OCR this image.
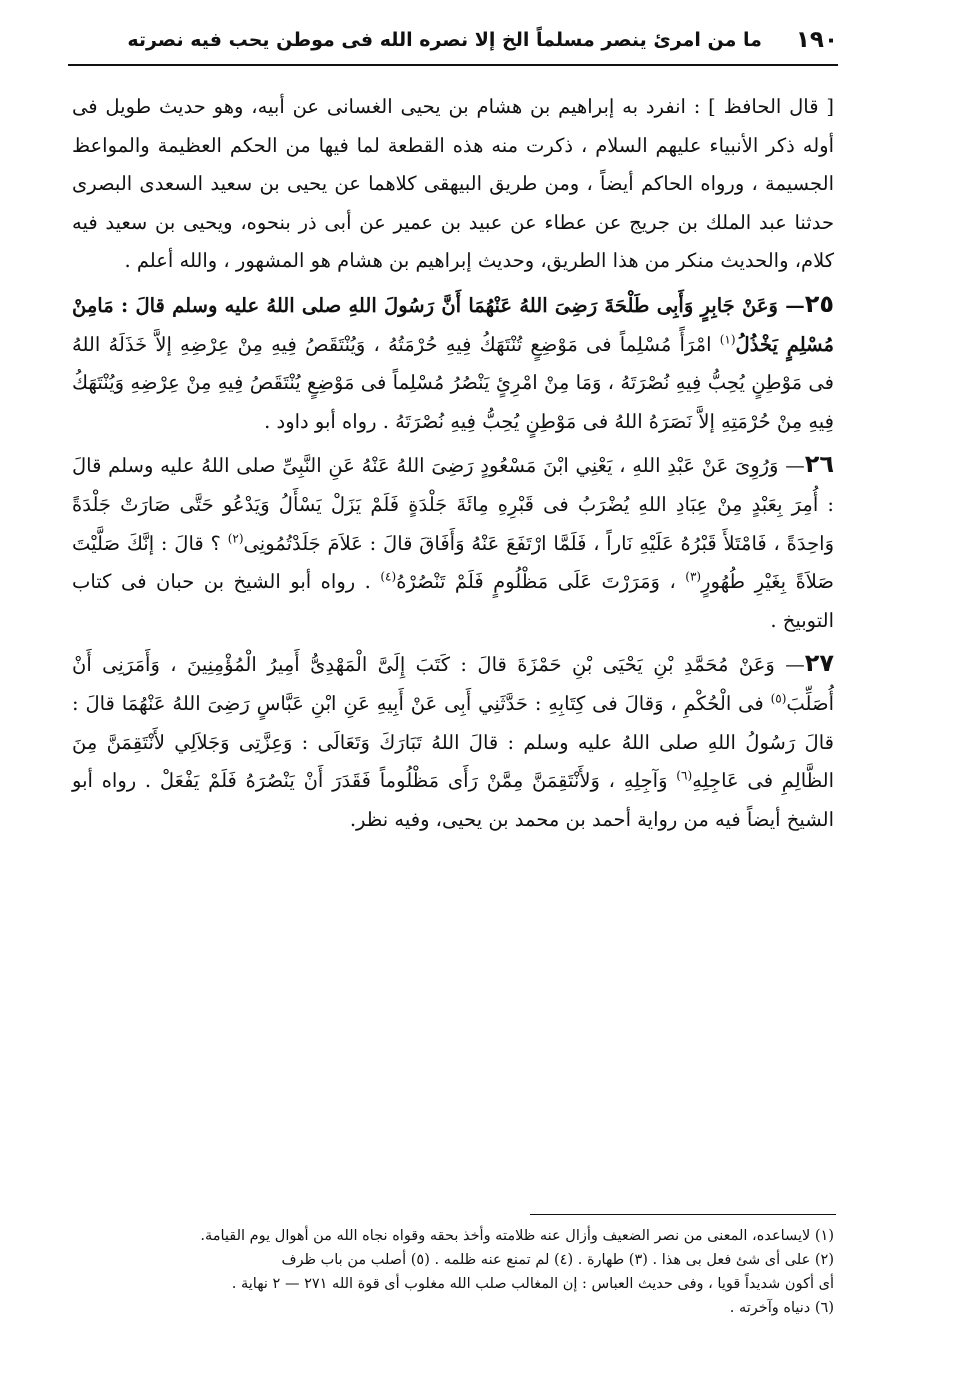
١٩٠
ما من امرئ ينصر مسلماً الخ إلا نصره الله فى موطن يحب فيه نصرته

[ قال الحافظ ] : انفرد به إبراهيم بن هشام بن يحيى الغسانى عن أبيه، وهو حديث طويل فى أوله ذكر الأنبياء عليهم السلام ، ذكرت منه هذه القطعة لما فيها من الحكم العظيمة والمواعظ الجسيمة ، ورواه الحاكم أيضاً ، ومن طريق البيهقى كلاهما عن يحيى بن سعيد السعدى البصرى حدثنا عبد الملك بن جريج عن عطاء عن عبيد بن عمير عن أبى ذر بنحوه، ويحيى بن سعيد فيه كلام، والحديث منكر من هذا الطريق، وحديث إبراهيم بن هشام هو المشهور ، والله أعلم .

٢٥— وَعَنْ جَابِرٍ وَأَبِى طَلْحَةَ رَضِىَ اللهُ عَنْهُمَا أَنَّ رَسُولَ اللهِ صلى اللهُ عليه وسلم قالَ : مَامِنْ مُسْلِمٍ يَخْذُلُ$^{(١)}$ امْرَأً مُسْلِماً فى مَوْضِعٍ تُنْتَهَكُ فِيهِ حُرْمَتُهُ ، وَيُنْتَقَصُ فِيهِ مِنْ عِرْضِهِ إلاَّ خَذَلَهُ اللهُ فى مَوْطِنٍ يُحِبُّ فِيهِ نُصْرَتَهُ ، وَمَا مِنْ امْرِئٍ يَنْصُرُ مُسْلِماً فى مَوْضِعٍ يُنْتَقَصُ فِيهِ مِنْ عِرْضِهِ وَيُنْتَهَكُ فِيهِ مِنْ حُرْمَتِهِ إلاَّ نَصَرَهُ اللهُ فى مَوْطِنٍ يُحِبُّ فِيهِ نُصْرَتَهُ . رواه أبو داود .

٢٦— وَرُوِىَ عَنْ عَبْدِ اللهِ ، يَعْنِي ابْنَ مَسْعُودٍ رَضِىَ اللهُ عَنْهُ عَنِ النَّبِىِّ صلى اللهُ عليه وسلم قالَ : أُمِرَ بِعَبْدٍ مِنْ عِبَادِ اللهِ يُضْرَبُ فى قَبْرِهِ مِائَةَ جَلْدَةٍ فَلَمْ يَزَلْ يَسْأَلُ وَيَدْعُو حَتَّى صَارَتْ جَلْدَةً وَاحِدَةً ، فَامْتَلأَ قَبْرُهُ عَلَيْهِ نَاراً ، فَلَمَّا ارْتَفَعَ عَنْهُ وَأَفَاقَ قالَ : عَلاَمَ جَلَدْتُمُونِى$^{(٢)}$ ؟ قالَ : إنَّكَ صَلَّيْتَ صَلاَةً بِغَيْرِ طُهُورٍ$^{(٣)}$ ، وَمَرَرْتَ عَلَى مَظْلُومٍ فَلَمْ تَنْصُرْهُ$^{(٤)}$ . رواه أبو الشيخ بن حبان فى كتاب التوبيخ .

٢٧— وَعَنْ مُحَمَّدِ بْنِ يَحْيَى بْنِ حَمْزَةَ قالَ : كَتَبَ إِلَىَّ الْمَهْدِىُّ أَمِيرُ الْمُؤْمِنِينَ ، وَأَمَرَنِى أَنْ أُصَلِّبَ$^{(٥)}$ فى الْحُكْمِ ، وَقالَ فى كِتَابِهِ : حَدَّثَنِي أَبِى عَنْ أَبِيهِ عَنِ ابْنِ عَبَّاسٍ رَضِىَ اللهُ عَنْهُمَا قالَ : قالَ رَسُولُ اللهِ صلى اللهُ عليه وسلم : قالَ اللهُ تَبَارَكَ وَتَعَالَى : وَعِزَّتِى وَجَلاَلِي لأَنْتَقِمَنَّ مِنَ الظَّالِمِ فى عَاجِلِهِ$^{(٦)}$ وَآجِلِهِ ، وَلأَنْتَقِمَنَّ مِمَّنْ رَأَى مَظْلُوماً فَقَدَرَ أَنْ يَنْصُرَهُ فَلَمْ يَفْعَلْ . رواه أبو الشيخ أيضاً فيه من رواية أحمد بن محمد بن يحيى، وفيه نظر.

(١) لايساعده، المعنى من نصر الضعيف وأزال عنه ظلامته وأخذ بحقه وقواه نجاه الله من أهوال يوم القيامة.

(٢) على أى شئ فعل بى هذا . (٣) طهارة . (٤) لم تمنع عنه ظلمه . (٥) أصلب من باب ظرف

أى أكون شديداً قويا ، وفى حديث العباس : إن المغالب صلب الله مغلوب أى قوة الله ٢٧١ — ٢ نهاية .

(٦) دنياه وآخرته .
